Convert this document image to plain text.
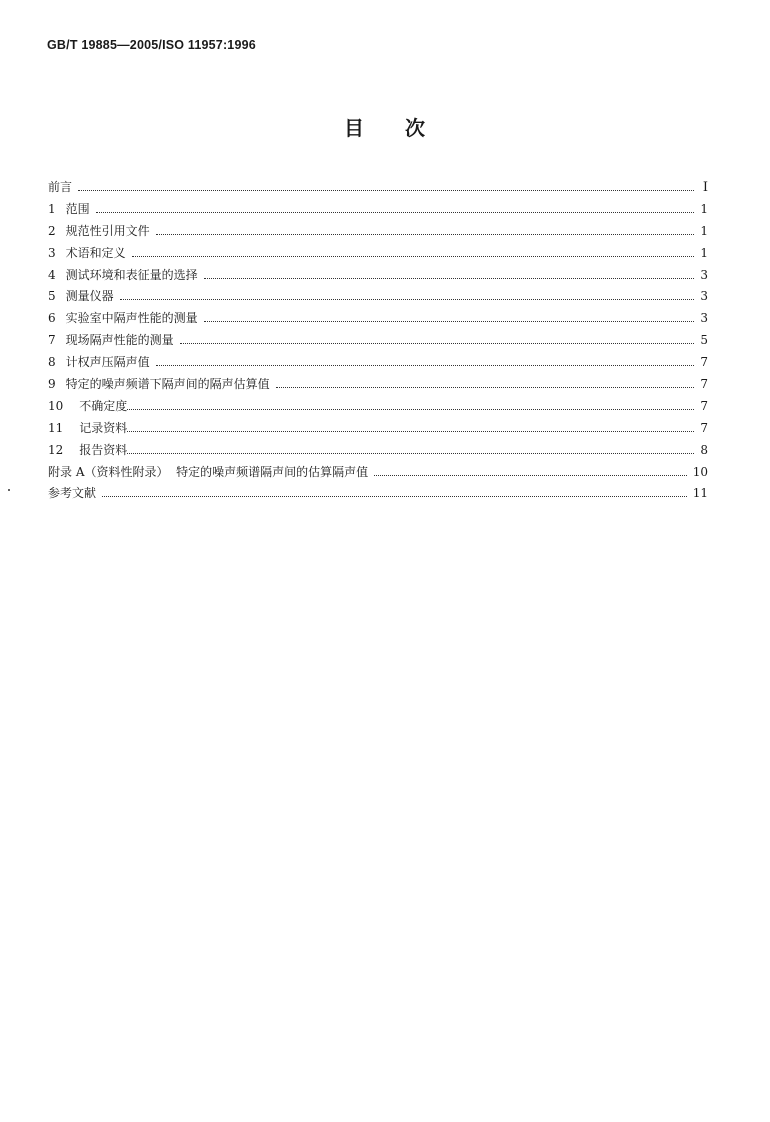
GB/T 19885—2005/ISO 11957:1996
目 次
前言	I
1 范围	1
2 规范性引用文件	1
3 术语和定义	1
4 测试环境和表征量的选择	3
5 测量仪器	3
6 实验室中隔声性能的测量	3
7 现场隔声性能的测量	5
8 计权声压隔声值	7
9 特定的噪声频谱下隔声间的隔声估算值	7
10	不确定度	7
11	记录资料	7
12	报告资料	8
附录 A（资料性附录）  特定的噪声频谱隔声间的估算隔声值	10
参考文献	11
